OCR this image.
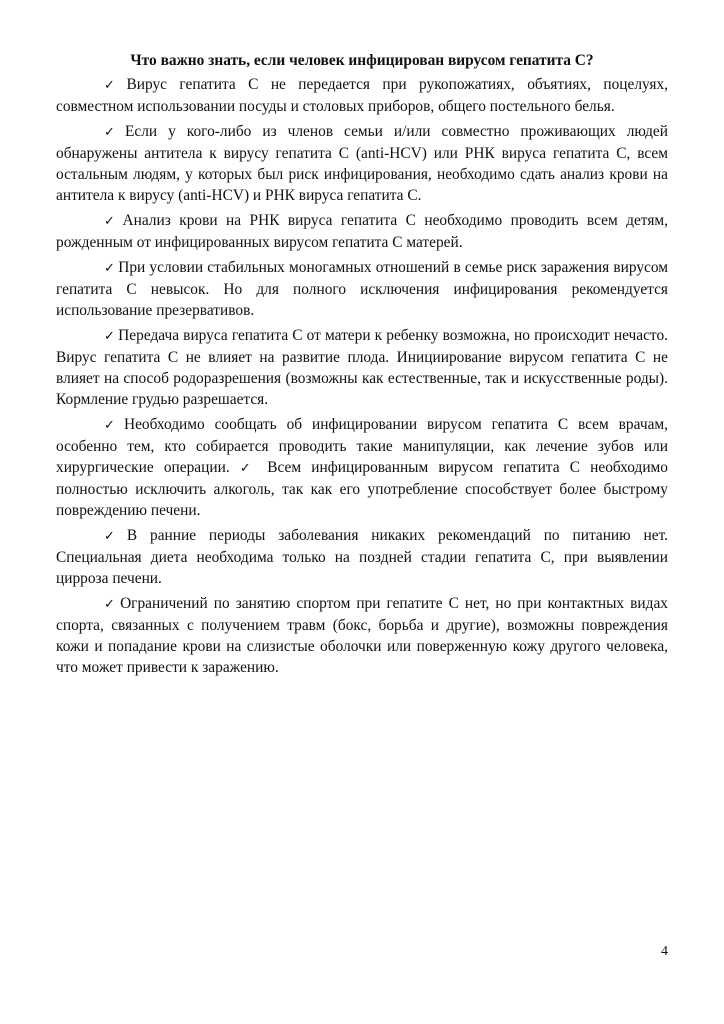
Что важно знать, если человек инфицирован вирусом гепатита С?

✓ Вирус гепатита С не передается при рукопожатиях, объятиях, поцелуях, совместном использовании посуды и столовых приборов, общего постельного белья.

✓ Если у кого-либо из членов семьи и/или совместно проживающих людей обнаружены антитела к вирусу гепатита С (anti-HCV) или РНК вируса гепатита С, всем остальным людям, у которых был риск инфицирования, необходимо сдать анализ крови на антитела к вирусу (anti-HCV) и РНК вируса гепатита С.

✓ Анализ крови на РНК вируса гепатита С необходимо проводить всем детям, рожденным от инфицированных вирусом гепатита С матерей.

✓ При условии стабильных моногамных отношений в семье риск заражения вирусом гепатита С невысок. Но для полного исключения инфицирования рекомендуется использование презервативов.

✓ Передача вируса гепатита С от матери к ребенку возможна, но происходит нечасто. Вирус гепатита С не влияет на развитие плода. Инициирование вирусом гепатита С не влияет на способ родоразрешения (возможны как естественные, так и искусственные роды). Кормление грудью разрешается.

✓ Необходимо сообщать об инфицировании вирусом гепатита С всем врачам, особенно тем, кто собирается проводить такие манипуляции, как лечение зубов или хирургические операции. ✓ Всем инфицированным вирусом гепатита С необходимо полностью исключить алкоголь, так как его употребление способствует более быстрому повреждению печени.

✓ В ранние периоды заболевания никаких рекомендаций по питанию нет. Специальная диета необходима только на поздней стадии гепатита С, при выявлении цирроза печени.

✓ Ограничений по занятию спортом при гепатите С нет, но при контактных видах спорта, связанных с получением травм (бокс, борьба и другие), возможны повреждения кожи и попадание крови на слизистые оболочки или поверженную кожу другого человека, что может привести к заражению.

4
